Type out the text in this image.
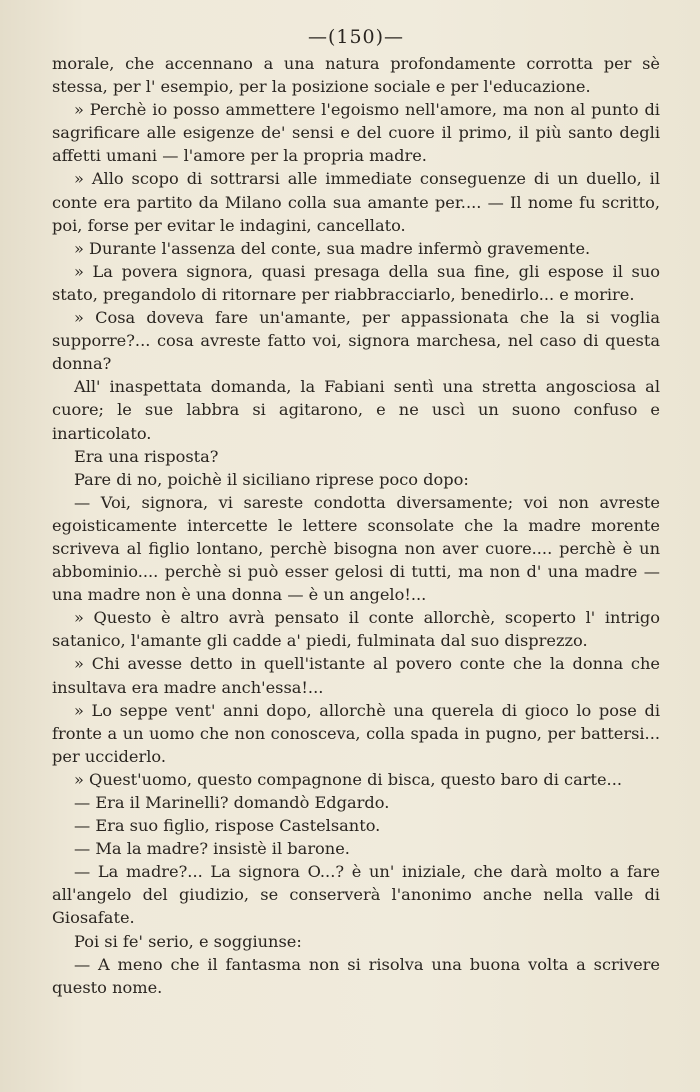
—(150)—

morale, che accennano a una natura profondamente corrotta per sè stessa, per l' esempio, per la posizione sociale e per l'educazione.

» Perchè io posso ammettere l'egoismo nell'amore, ma non al punto di sagrificare alle esigenze de' sensi e del cuore il primo, il più santo degli affetti umani — l'amore per la propria madre.

» Allo scopo di sottrarsi alle immediate conseguenze di un duello, il conte era partito da Milano colla sua amante per.... — Il nome fu scritto, poi, forse per evitar le indagini, cancellato.

» Durante l'assenza del conte, sua madre infermò gravemente.

» La povera signora, quasi presaga della sua fine, gli espose il suo stato, pregandolo di ritornare per riabbracciarlo, benedirlo... e morire.

» Cosa doveva fare un'amante, per appassionata che la si voglia supporre?... cosa avreste fatto voi, signora marchesa, nel caso di questa donna?

All' inaspettata domanda, la Fabiani sentì una stretta angosciosa al cuore; le sue labbra si agitarono, e ne uscì un suono confuso e inarticolato.

Era una risposta?

Pare di no, poichè il siciliano riprese poco dopo:

— Voi, signora, vi sareste condotta diversamente; voi non avreste egoisticamente intercette le lettere sconsolate che la madre morente scriveva al figlio lontano, perchè bisogna non aver cuore.... perchè è un abbominio.... perchè si può esser gelosi di tutti, ma non d' una madre — una madre non è una donna — è un angelo!...

» Questo è altro avrà pensato il conte allorchè, scoperto l' intrigo satanico, l'amante gli cadde a' piedi, fulminata dal suo disprezzo.

» Chi avesse detto in quell'istante al povero conte che la donna che insultava era madre anch'essa!...

» Lo seppe vent' anni dopo, allorchè una querela di gioco lo pose di fronte a un uomo che non conosceva, colla spada in pugno, per battersi... per ucciderlo.

» Quest'uomo, questo compagnone di bisca, questo baro di carte...

— Era il Marinelli? domandò Edgardo.

— Era suo figlio, rispose Castelsanto.

— Ma la madre? insistè il barone.

— La madre?... La signora O...? è un' iniziale, che darà molto a fare all'angelo del giudizio, se conserverà l'anonimo anche nella valle di Giosafate.

Poi si fe' serio, e soggiunse:

— A meno che il fantasma non si risolva una buona volta a scrivere questo nome.
